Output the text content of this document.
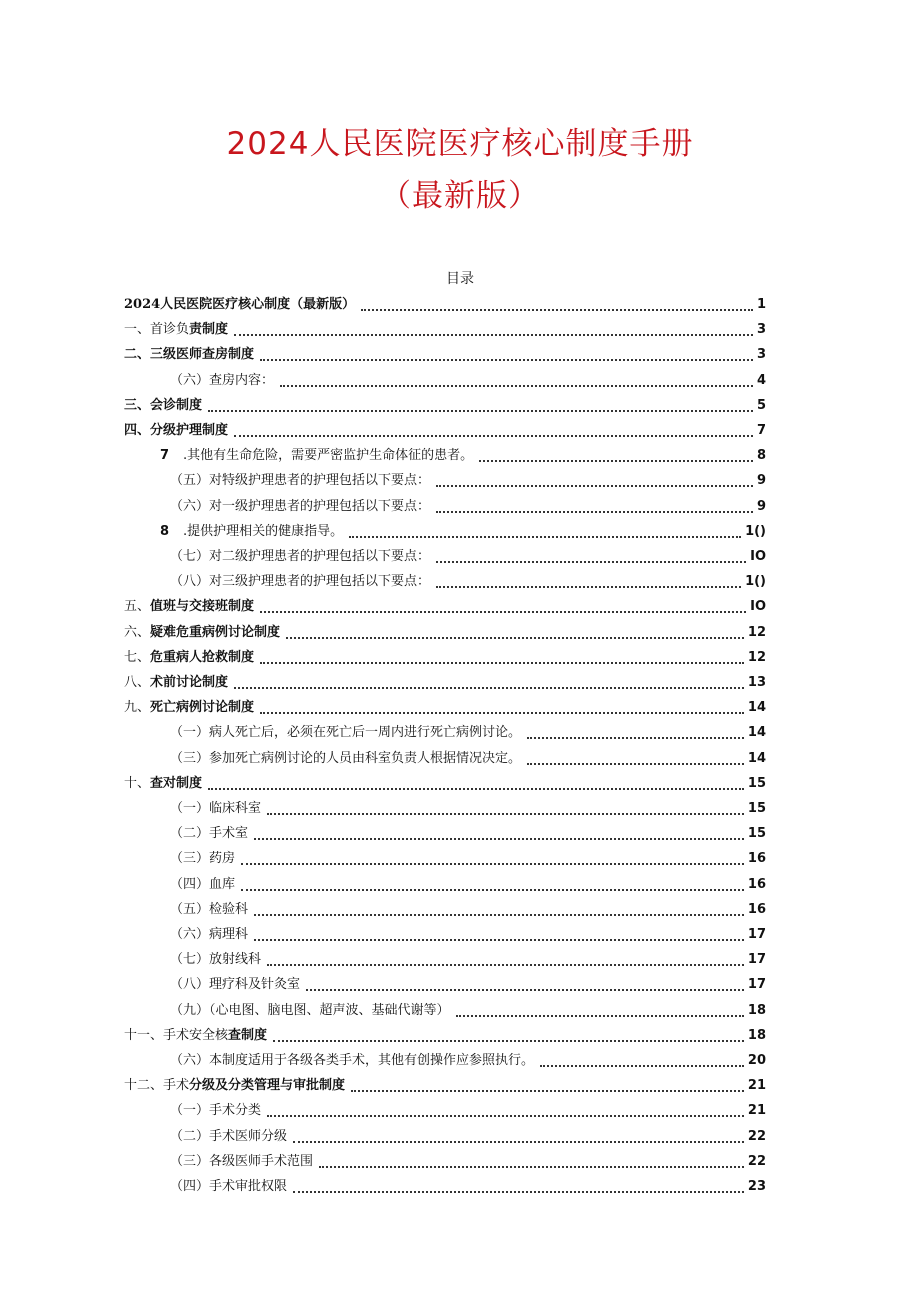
2024人民医院医疗核心制度手册
（最新版）
目录
2024人民医院医疗核心制度（最新版）	1
一、首诊负责制度	3
二、三级医师查房制度	3
（六）查房内容：	4
三、会诊制度	5
四、分级护理制度	7
7 .其他有生命危险，需要严密监护生命体征的患者。	8
（五）对特级护理患者的护理包括以下要点：	9
（六）对一级护理患者的护理包括以下要点：	9
8 .提供护理相关的健康指导。	1()
（七）对二级护理患者的护理包括以下要点：	IO
（八）对三级护理患者的护理包括以下要点：	1()
五、值班与交接班制度	IO
六、疑难危重病例讨论制度	12
七、危重病人抢救制度	12
八、术前讨论制度	13
九、死亡病例讨论制度	14
（一）病人死亡后，必须在死亡后一周内进行死亡病例讨论。	14
（三）参加死亡病例讨论的人员由科室负责人根据情况决定。	14
十、查对制度	15
（一）临床科室	15
（二）手术室	15
（三）药房	16
（四）血库	16
（五）检验科	16
（六）病理科	17
（七）放射线科	17
（八）理疗科及针灸室	17
（九）（心电图、脑电图、超声波、基础代谢等）	18
十一、手术安全核查制度	18
（六）本制度适用于各级各类手术，其他有创操作应参照执行。	20
十二、手术分级及分类管理与审批制度	21
（一）手术分类	21
（二）手术医师分级	22
（三）各级医师手术范围	22
（四）手术审批权限	23
